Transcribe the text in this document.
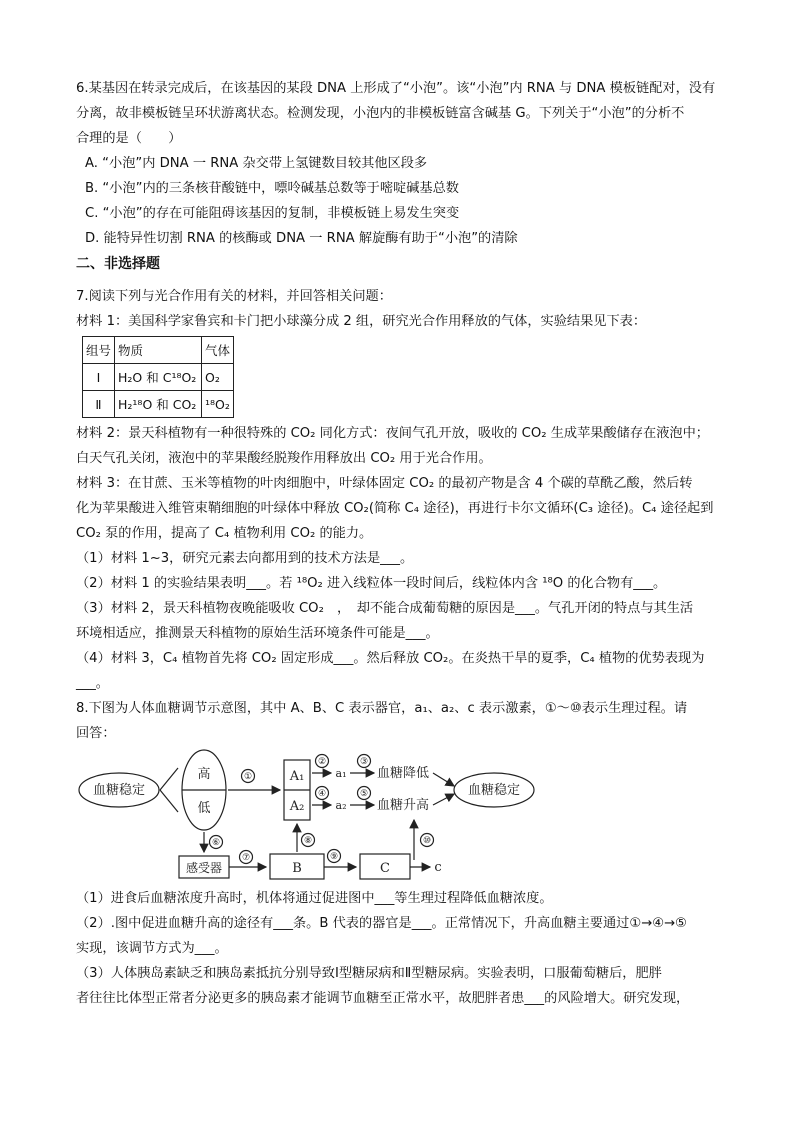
6.某基因在转录完成后，在该基因的某段 DNA 上形成了“小泡”。该“小泡”内 RNA 与 DNA 模板链配对，没有
分离，故非模板链呈环状游离状态。检测发现，小泡内的非模板链富含碱基 G。下列关于“小泡”的分析不
合理的是（　　）
A. “小泡”内 DNA 一 RNA 杂交带上氢键数目较其他区段多
B. “小泡”内的三条核苷酸链中，嘌呤碱基总数等于嘧啶碱基总数
C. “小泡”的存在可能阻碍该基因的复制，非模板链上易发生突变
D. 能特异性切割 RNA 的核酶或 DNA 一 RNA 解旋酶有助于“小泡”的清除
二、非选择题
7.阅读下列与光合作用有关的材料，并回答相关问题：
材料 1：美国科学家鲁宾和卡门把小球藻分成 2 组，研究光合作用释放的气体，实验结果见下表：
组号	物质	气体
Ⅰ	H₂O 和 C¹⁸O₂	O₂
Ⅱ	H₂¹⁸O 和 CO₂	¹⁸O₂
材料 2：景天科植物有一种很特殊的 CO₂ 同化方式：夜间气孔开放，吸收的 CO₂ 生成苹果酸储存在液泡中；
白天气孔关闭，液泡中的苹果酸经脱羧作用释放出 CO₂ 用于光合作用。
材料 3：在甘蔗、玉米等植物的叶肉细胞中，叶绿体固定 CO₂ 的最初产物是含 4 个碳的草酰乙酸，然后转
化为苹果酸进入维管束鞘细胞的叶绿体中释放 CO₂(简称 C₄ 途径)，再进行卡尔文循环(C₃ 途径)。C₄ 途径起到
CO₂ 泵的作用，提高了 C₄ 植物利用 CO₂ 的能力。
（1）材料 1~3，研究元素去向都用到的技术方法是___。
（2）材料 1 的实验结果表明___。若 ¹⁸O₂ 进入线粒体一段时间后，线粒体内含 ¹⁸O 的化合物有___。
（3）材料 2，景天科植物夜晚能吸收 CO₂　，　却不能合成葡萄糖的原因是___。气孔开闭的特点与其生活
环境相适应，推测景天科植物的原始生活环境条件可能是___。
（4）材料 3，C₄ 植物首先将 CO₂ 固定形成___。然后释放 CO₂。在炎热干旱的夏季，C₄ 植物的优势表现为
___。
8.下图为人体血糖调节示意图，其中 A、B、C 表示器官，a₁、a₂、c 表示激素，①～⑩表示生理过程。请
回答：
血糖稳定
高
低
A₁
A₂
a₁
a₂
血糖降低
血糖升高
血糖稳定
感受器	B	C	c
①
②	③
④	⑤
⑥
⑦
⑧
⑨
⑩
（1）进食后血糖浓度升高时，机体将通过促进图中___等生理过程降低血糖浓度。
（2）.图中促进血糖升高的途径有___条。B 代表的器官是___。正常情况下，升高血糖主要通过①→④→⑤
实现，该调节方式为___。
（3）人体胰岛素缺乏和胰岛素抵抗分别导致Ⅰ型糖尿病和Ⅱ型糖尿病。实验表明，口服葡萄糖后，肥胖
者往往比体型正常者分泌更多的胰岛素才能调节血糖至正常水平，故肥胖者患___的风险增大。研究发现，
